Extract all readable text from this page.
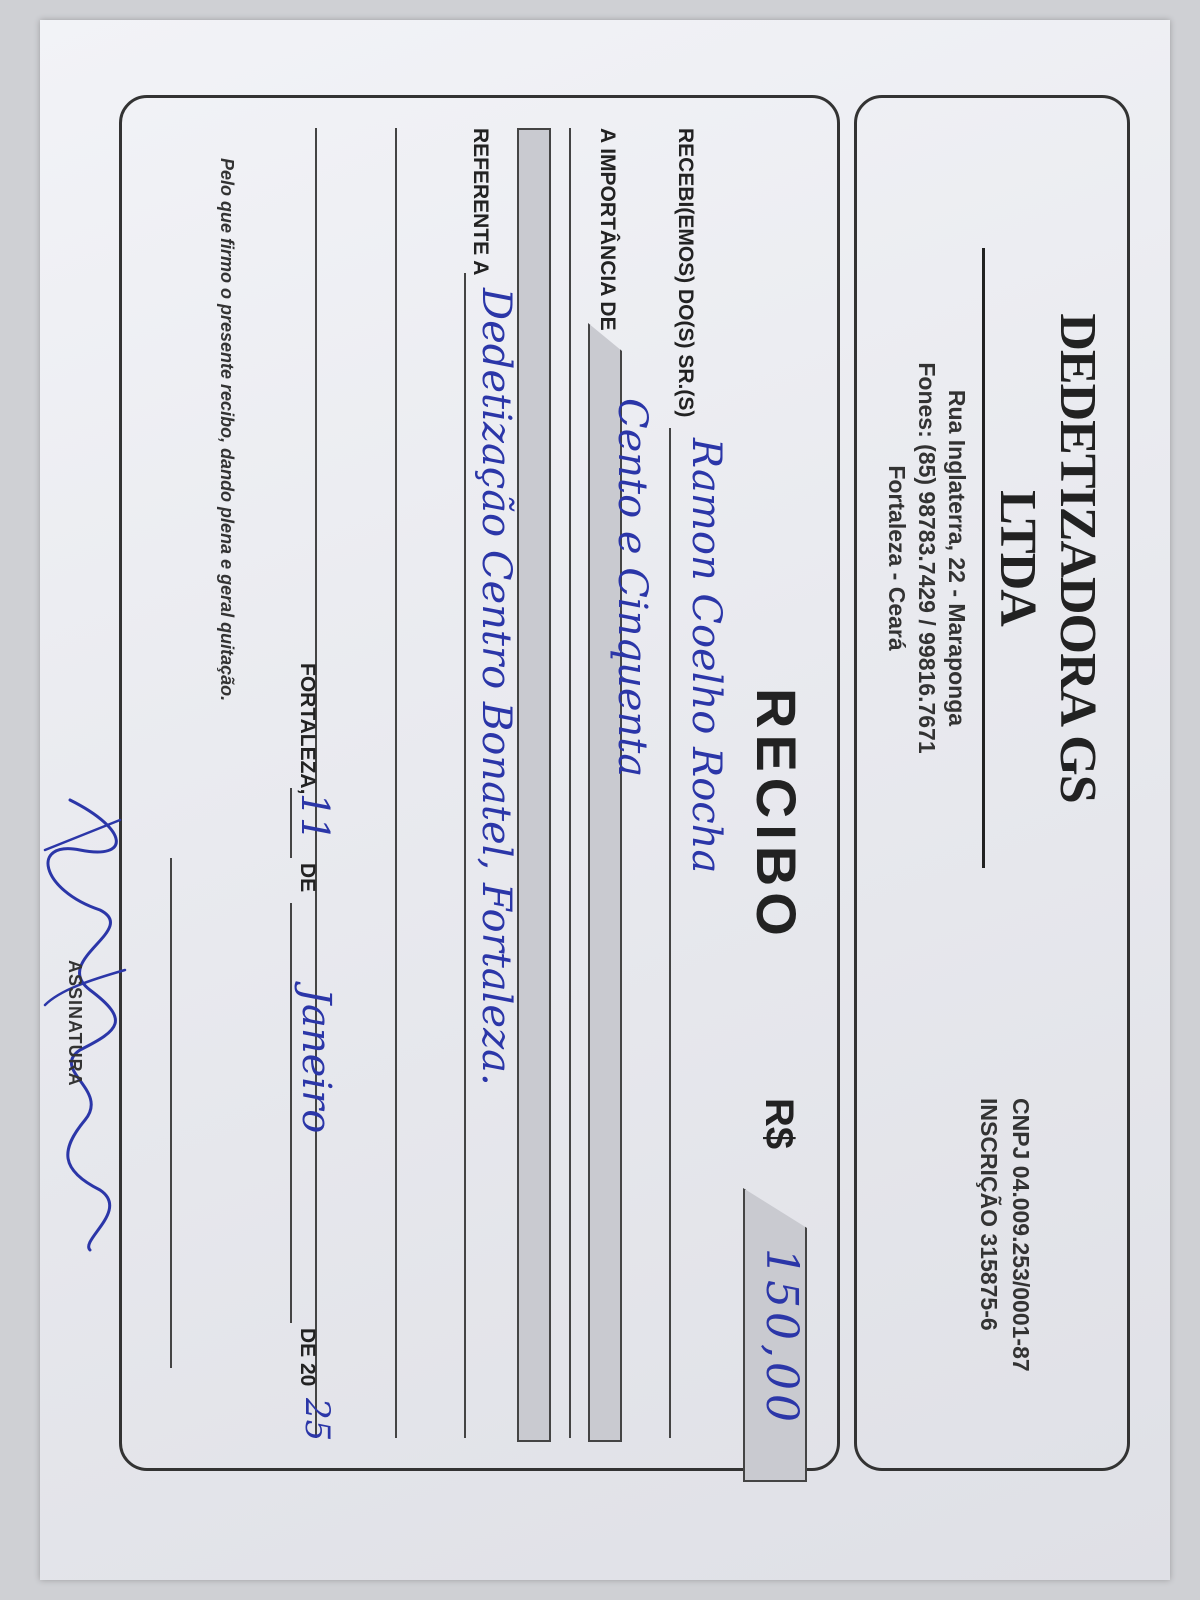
DEDETIZADORA GS LTDA
Rua Inglaterra, 22 - Maraponga
Fones: (85) 98783.7429 / 99816.7671
Fortaleza - Ceará
CNPJ 04.009.253/0001-87
INSCRIÇÃO 315875-6
RECIBO
R$
150,00
RECEBI(EMOS) DO(S) SR.(S)
Ramon Coelho Rocha
A IMPORTÂNCIA DE
Cento e Cinquenta
REFERENTE A
Dedetização Centro Bonatel, Fortaleza.
Pelo que firmo o presente recibo, dando plena e geral quitação.
FORTALEZA,
11
DE
Janeiro
DE 20
25
ASSINATURA
